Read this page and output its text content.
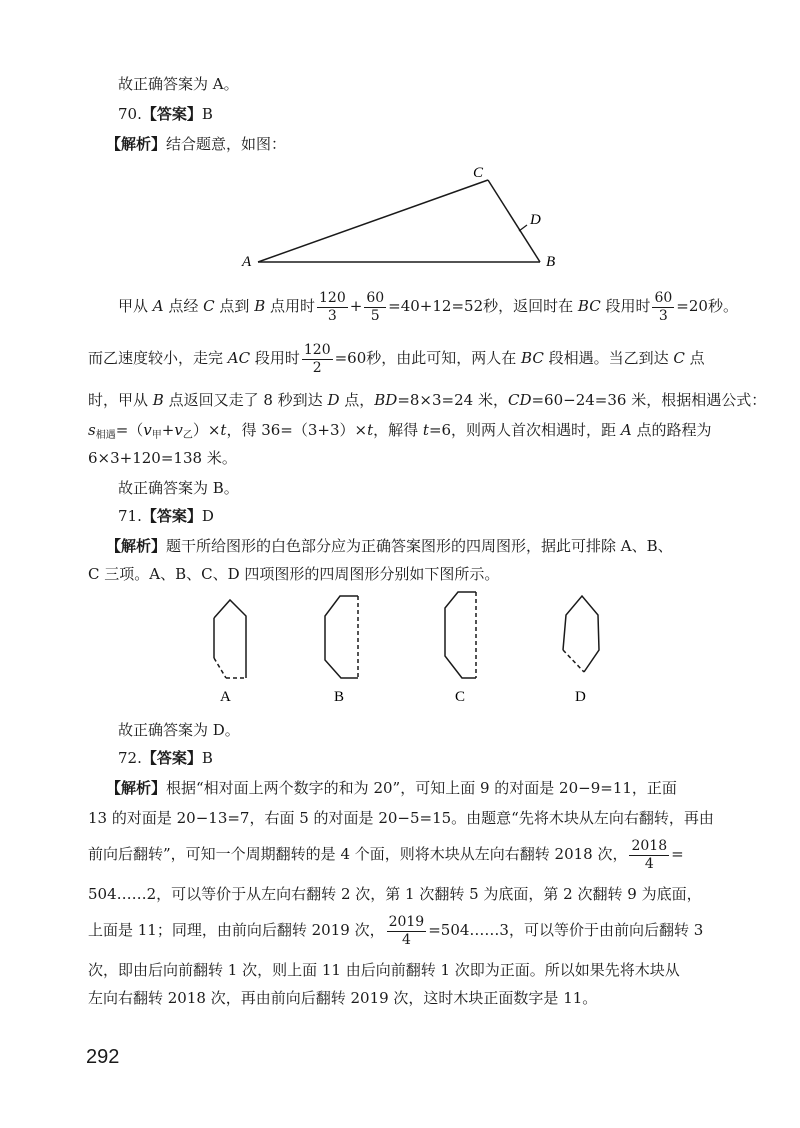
故正确答案为 A。
70.【答案】B
【解析】结合题意，如图：
A	B
C
D
甲从 A 点经 C 点到 B 点用时 $\frac{120}{3} + \frac{60}{5} =40+12=52$秒，返回时在 BC 段用时 $\frac{60}{3} =20$秒。
而乙速度较小，走完 AC 段用时 $\frac{120}{2} =60$秒，由此可知，两人在 BC 段相遇。当乙到达 C 点
时，甲从 B 点返回又走了 8 秒到达 D 点，BD=8×3=24 米，CD=60−24=36 米，根据相遇公式：
$s_{相遇}=(v_甲+v_乙)\times t$，得 36=（3+3）×t，解得 t=6，则两人首次相遇时，距 A 点的路程为
6×3+120=138 米。
故正确答案为 B。
71.【答案】D
【解析】题干所给图形的白色部分应为正确答案图形的四周图形，据此可排除 A、B、
C 三项。A、B、C、D 四项图形的四周图形分别如下图所示。
A	B	C	D
故正确答案为 D。
72.【答案】B
【解析】根据“相对面上两个数字的和为 20”，可知上面 9 的对面是 20−9=11，正面
13 的对面是 20−13=7，右面 5 的对面是 20−5=15。由题意“先将木块从左向右翻转，再由
前向后翻转”，可知一个周期翻转的是 4 个面，则将木块从左向右翻转 2018 次， $\frac{2018}{4}$ =
504……2，可以等价于从左向右翻转 2 次，第 1 次翻转 5 为底面，第 2 次翻转 9 为底面，
上面是 11；同理，由前向后翻转 2019 次， $\frac{2019}{4}$ =504……3，可以等价于由前向后翻转 3
次，即由后向前翻转 1 次，则上面 11 由后向前翻转 1 次即为正面。所以如果先将木块从
左向右翻转 2018 次，再由前向后翻转 2019 次，这时木块正面数字是 11。
292
